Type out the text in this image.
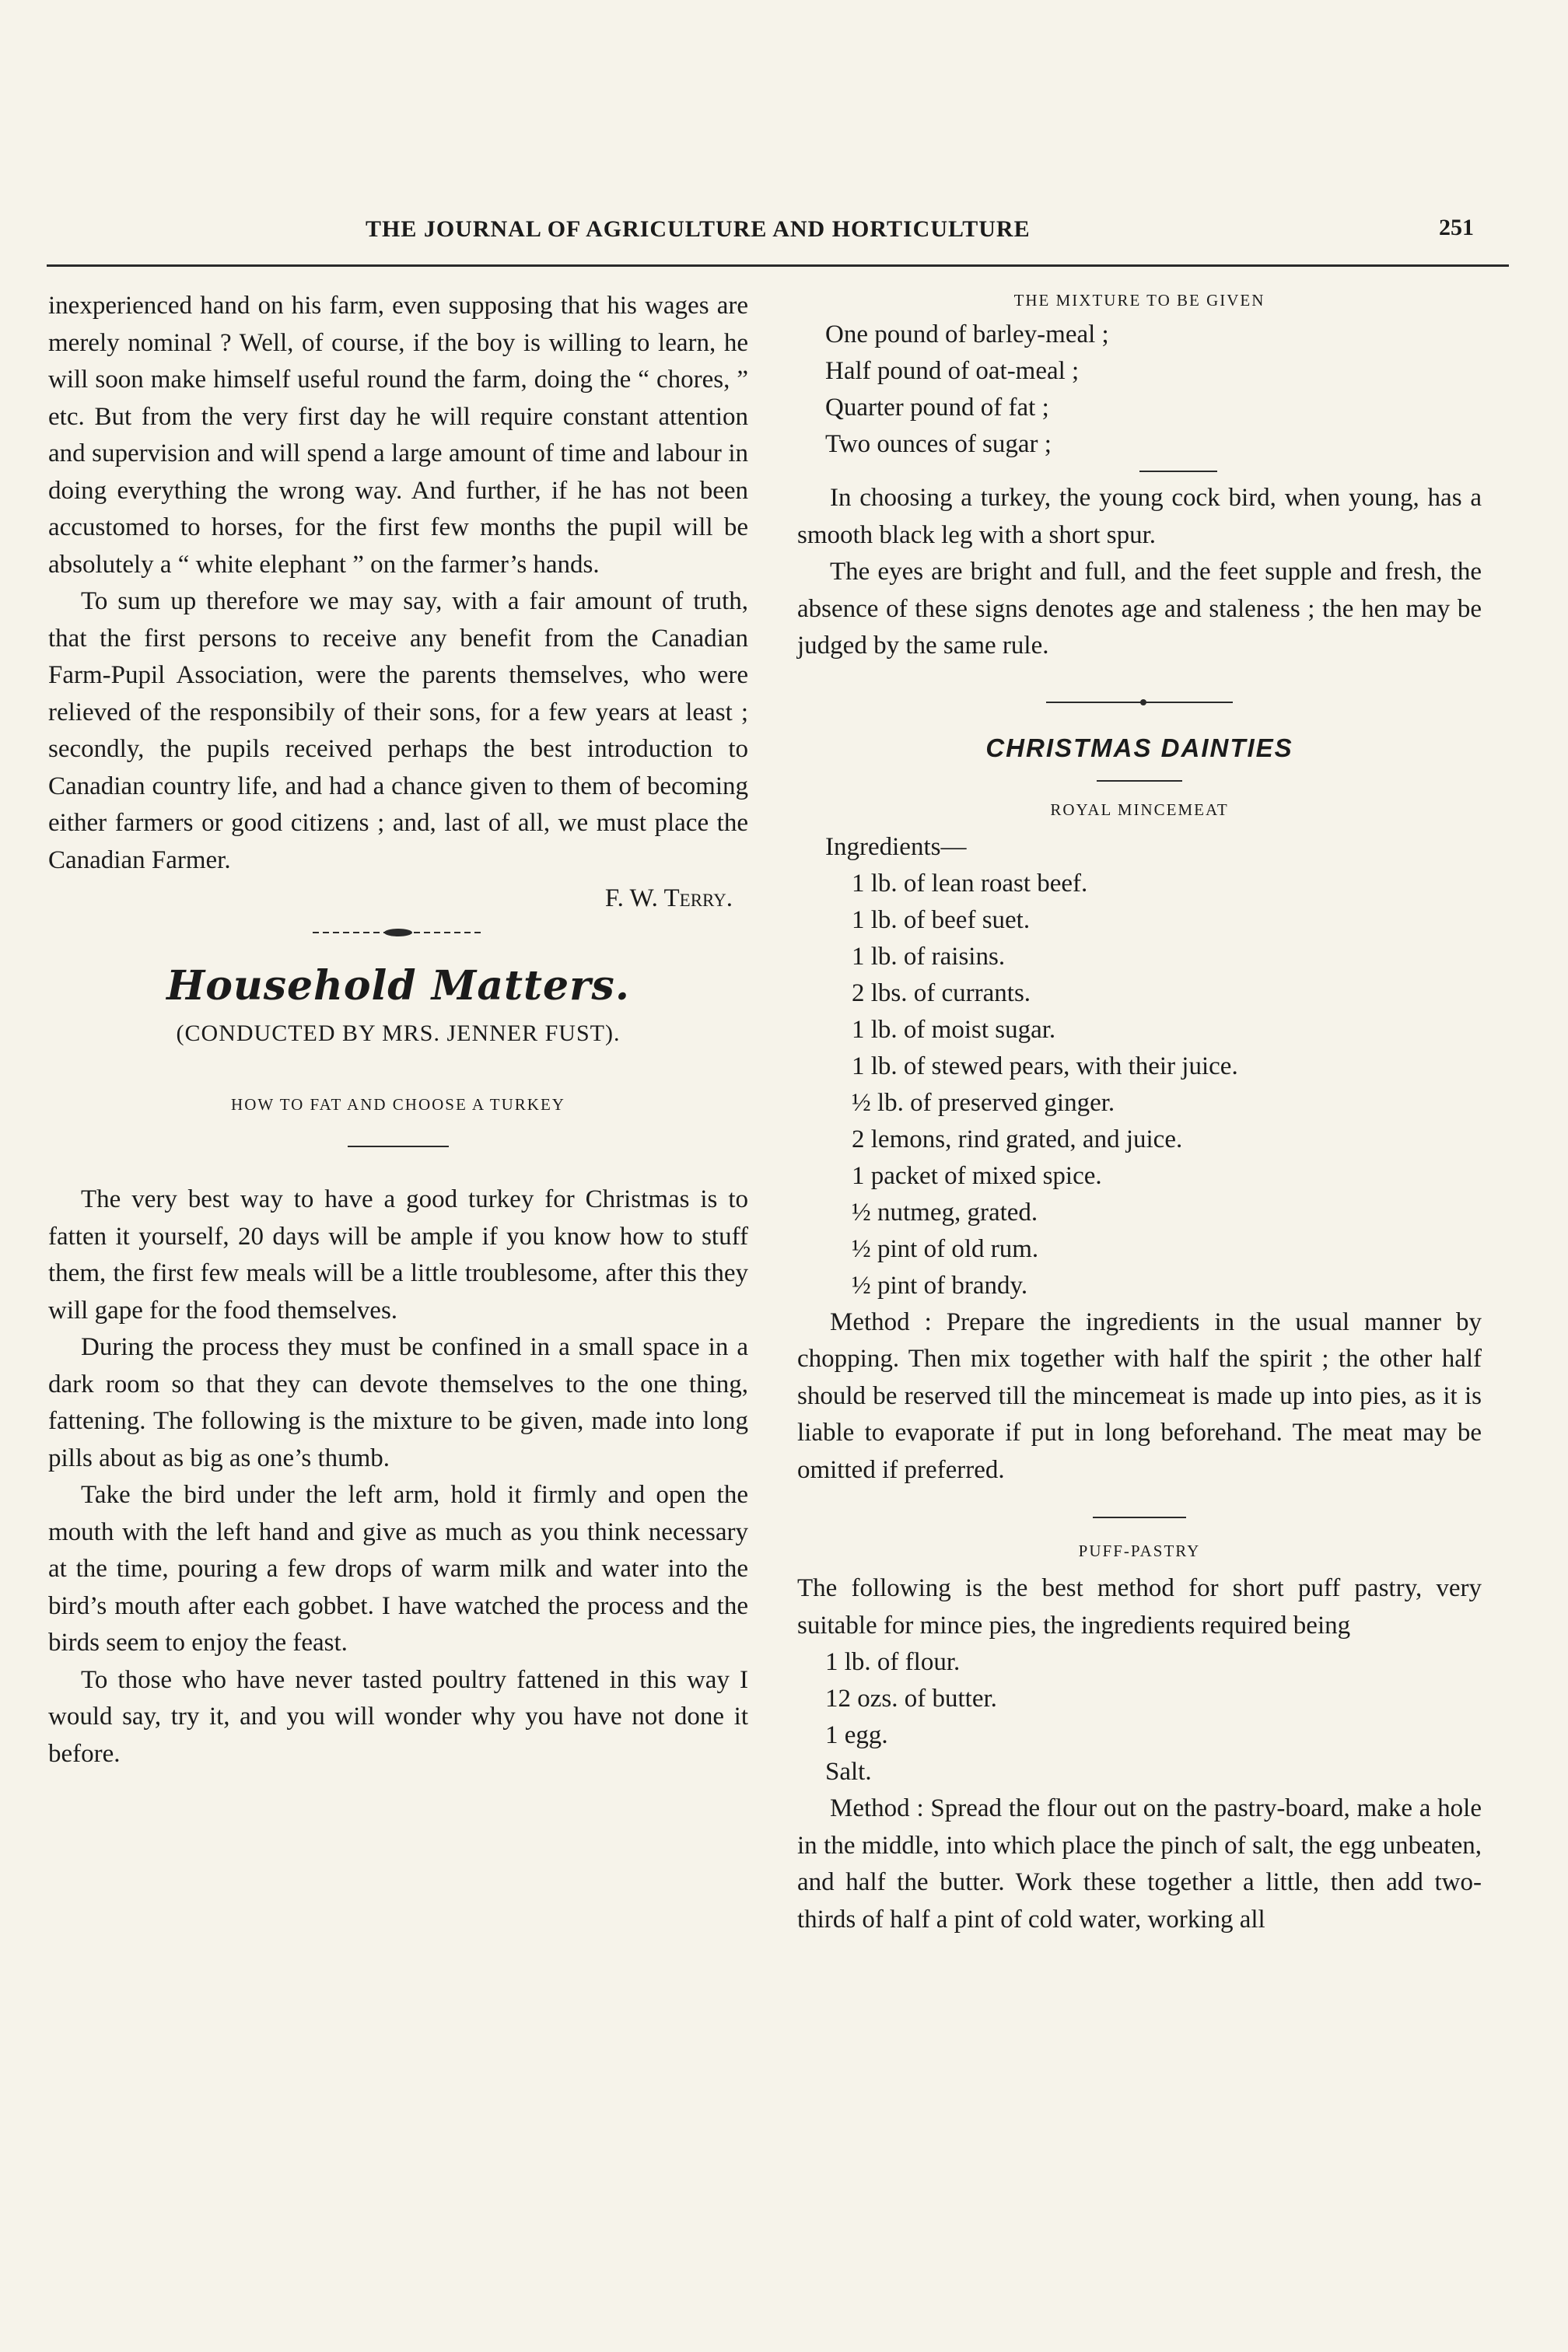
THE JOURNAL OF AGRICULTURE AND HORTICULTURE	251

inexperienced hand on his farm, even supposing that his wages are merely nominal ? Well, of course, if the boy is willing to learn, he will soon make himself useful round the farm, doing the “ chores, ” etc. But from the very first day he will require constant attention and supervision and will spend a large amount of time and labour in doing everything the wrong way. And further, if he has not been accustomed to horses, for the first few months the pupil will be absolutely a “ white elephant ” on the farmer’s hands.

To sum up therefore we may say, with a fair amount of truth, that the first persons to receive any benefit from the Canadian Farm-Pupil Association, were the parents themselves, who were relieved of the responsibily of their sons, for a few years at least ; secondly, the pupils received perhaps the best introduction to Canadian country life, and had a chance given to them of becoming either farmers or good citizens ; and, last of all, we must place the Canadian Farmer.

F. W. Terry.
Household Matters.
(CONDUCTED BY MRS. JENNER FUST).
HOW TO FAT AND CHOOSE A TURKEY

The very best way to have a good turkey for Christmas is to fatten it yourself, 20 days will be ample if you know how to stuff them, the first few meals will be a little troublesome, after this they will gape for the food themselves.

During the process they must be confined in a small space in a dark room so that they can devote themselves to the one thing, fattening. The following is the mixture to be given, made into long pills about as big as one’s thumb.

Take the bird under the left arm, hold it firmly and open the mouth with the left hand and give as much as you think necessary at the time, pouring a few drops of warm milk and water into the bird’s mouth after each gobbet. I have watched the process and the birds seem to enjoy the feast.

To those who have never tasted poultry fattened in this way I would say, try it, and you will wonder why you have not done it before.

THE MIXTURE TO BE GIVEN
One pound of barley-meal ;
Half pound of oat-meal ;
Quarter pound of fat ;
Two ounces of sugar ;

In choosing a turkey, the young cock bird, when young, has a smooth black leg with a short spur.

The eyes are bright and full, and the feet supple and fresh, the absence of these signs denotes age and staleness ; the hen may be judged by the same rule.

CHRISTMAS DAINTIES
ROYAL MINCEMEAT
Ingredients—
1 lb. of lean roast beef.
1 lb. of beef suet.
1 lb. of raisins.
2 lbs. of currants.
1 lb. of moist sugar.
1 lb. of stewed pears, with their juice.
½ lb. of preserved ginger.
2 lemons, rind grated, and juice.
1 packet of mixed spice.
½ nutmeg, grated.
½ pint of old rum.
½ pint of brandy.

Method : Prepare the ingredients in the usual manner by chopping. Then mix together with half the spirit ; the other half should be reserved till the mincemeat is made up into pies, as it is liable to evaporate if put in long beforehand. The meat may be omitted if preferred.

PUFF-PASTRY

The following is the best method for short puff pastry, very suitable for mince pies, the ingredients required being

1 lb. of flour.
12 ozs. of butter.
1 egg.
Salt.

Method : Spread the flour out on the pastry-board, make a hole in the middle, into which place the pinch of salt, the egg unbeaten, and half the butter. Work these together a little, then add two-thirds of half a pint of cold water, working all
